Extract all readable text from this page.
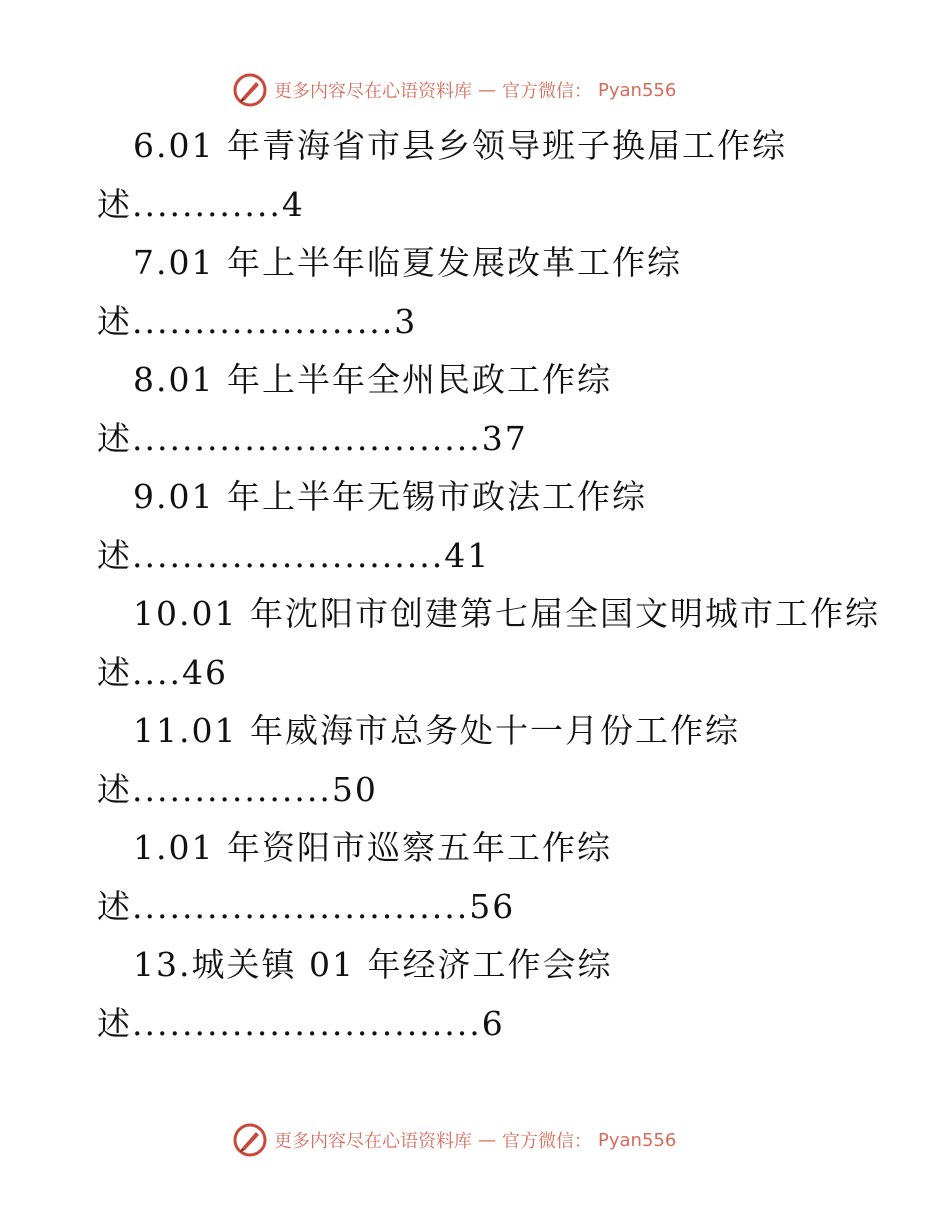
更多内容尽在心语资料库 — 官方微信： Pyan556
6.01 年青海省市县乡领导班子换届工作综
述............4
7.01 年上半年临夏发展改革工作综
述.....................3
8.01 年上半年全州民政工作综
述............................37
9.01 年上半年无锡市政法工作综
述.........................41
10.01 年沈阳市创建第七届全国文明城市工作综
述....46
11.01 年威海市总务处十一月份工作综
述................50
1.01 年资阳市巡察五年工作综
述...........................56
13.城关镇 01 年经济工作会综
述............................6
更多内容尽在心语资料库 — 官方微信： Pyan556
